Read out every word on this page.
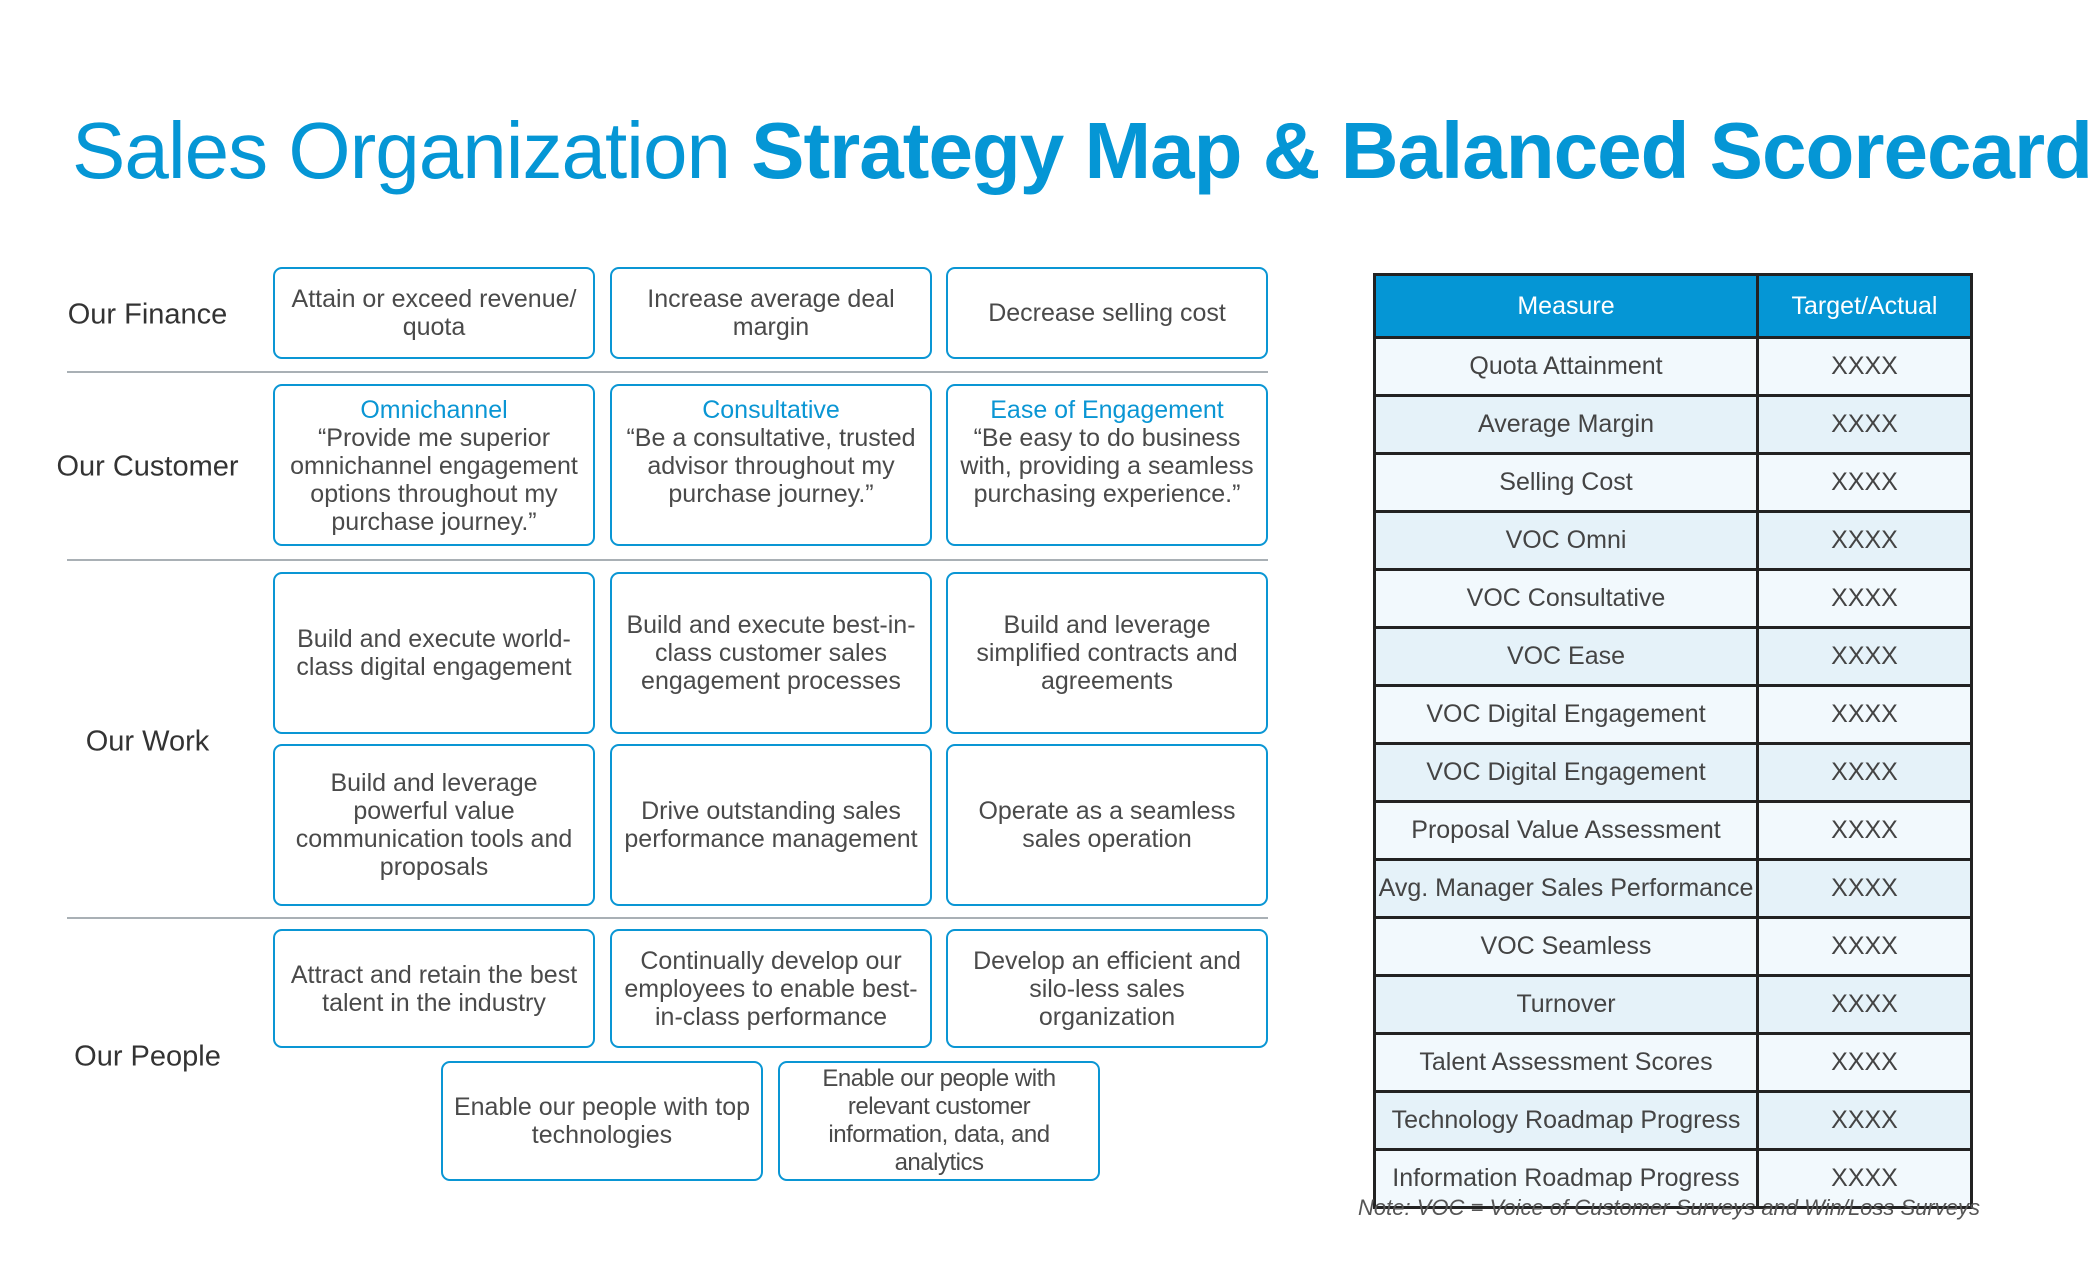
Sales Organization Strategy Map & Balanced Scorecard
Our Finance
Our Customer
Our Work
Our People
Attain or exceed revenue/ quota
Increase average deal margin	Decrease selling cost
Omnichannel
“Provide me superior omnichannel engagement options throughout my purchase journey.”
Consultative
“Be a consultative, trusted advisor throughout my purchase journey.”
Ease of Engagement
“Be easy to do business with, providing a seamless purchasing experience.”
Build and execute world-class digital engagement
Build and execute best-in-class customer sales engagement processes
Build and leverage simplified contracts and agreements
Build and leverage powerful value communication tools and proposals
Drive outstanding sales performance management
Operate as a seamless sales operation
Attract and retain the best talent in the industry
Continually develop our employees to enable best-in-class performance
Develop an efficient and silo-less sales organization
Enable our people with top technologies
Enable our people with relevant customer information, data, and analytics
Measure	Target/Actual
Quota Attainment	XXXX
Average Margin	XXXX
Selling Cost	XXXX
VOC Omni	XXXX
VOC Consultative	XXXX
VOC Ease	XXXX
VOC Digital Engagement	XXXX
VOC Digital Engagement	XXXX
Proposal Value Assessment	XXXX
Avg. Manager Sales Performance	XXXX
VOC Seamless	XXXX
Turnover	XXXX
Talent Assessment Scores	XXXX
Technology Roadmap Progress	XXXX
Information Roadmap Progress	XXXX
Note: VOC = Voice of Customer Surveys and Win/Loss Surveys
